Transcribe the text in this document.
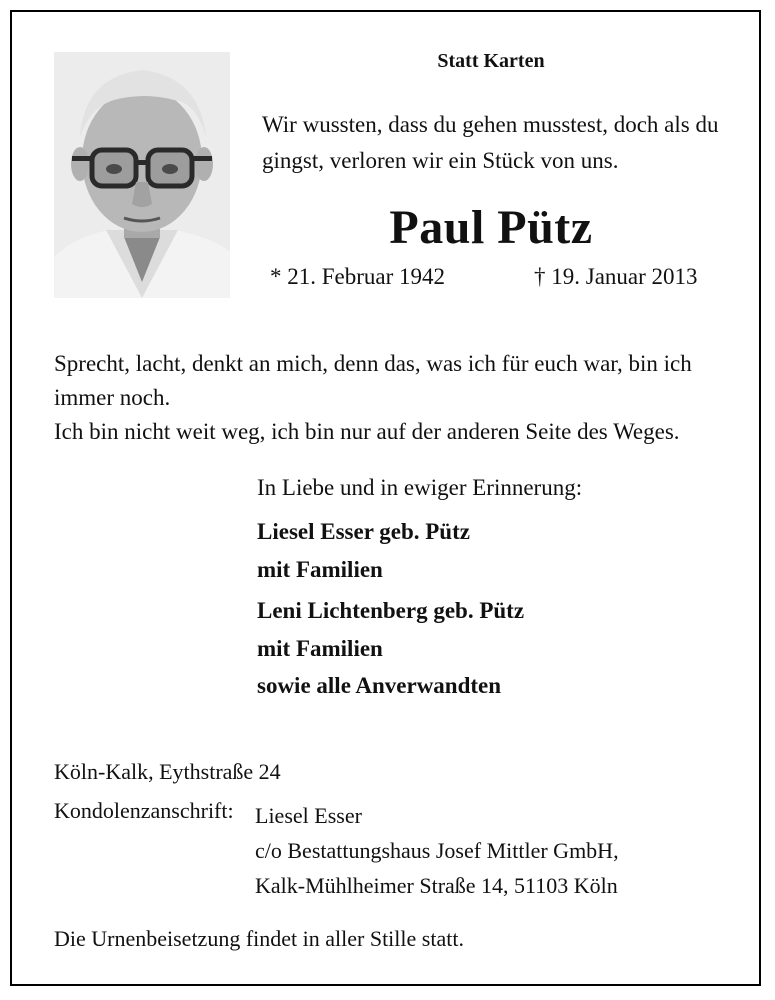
Statt Karten
Wir wussten, dass du gehen musstest, doch als du gingst, verloren wir ein Stück von uns.
Paul Pütz
* 21. Februar 1942	† 19. Januar 2013

Sprecht, lacht, denkt an mich, denn das, was ich für euch war, bin ich immer noch.

Ich bin nicht weit weg, ich bin nur auf der anderen Seite des Weges.

In Liebe und in ewiger Erinnerung:
Liesel Esser geb. Pütz
mit Familien
Leni Lichtenberg geb. Pütz
mit Familien
sowie alle Anverwandten
Köln-Kalk, Eythstraße 24
Kondolenzanschrift: Liesel Esser
c/o Bestattungshaus Josef Mittler GmbH,
Kalk-Mühlheimer Straße 14, 51103 Köln
Die Urnenbeisetzung findet in aller Stille statt.
